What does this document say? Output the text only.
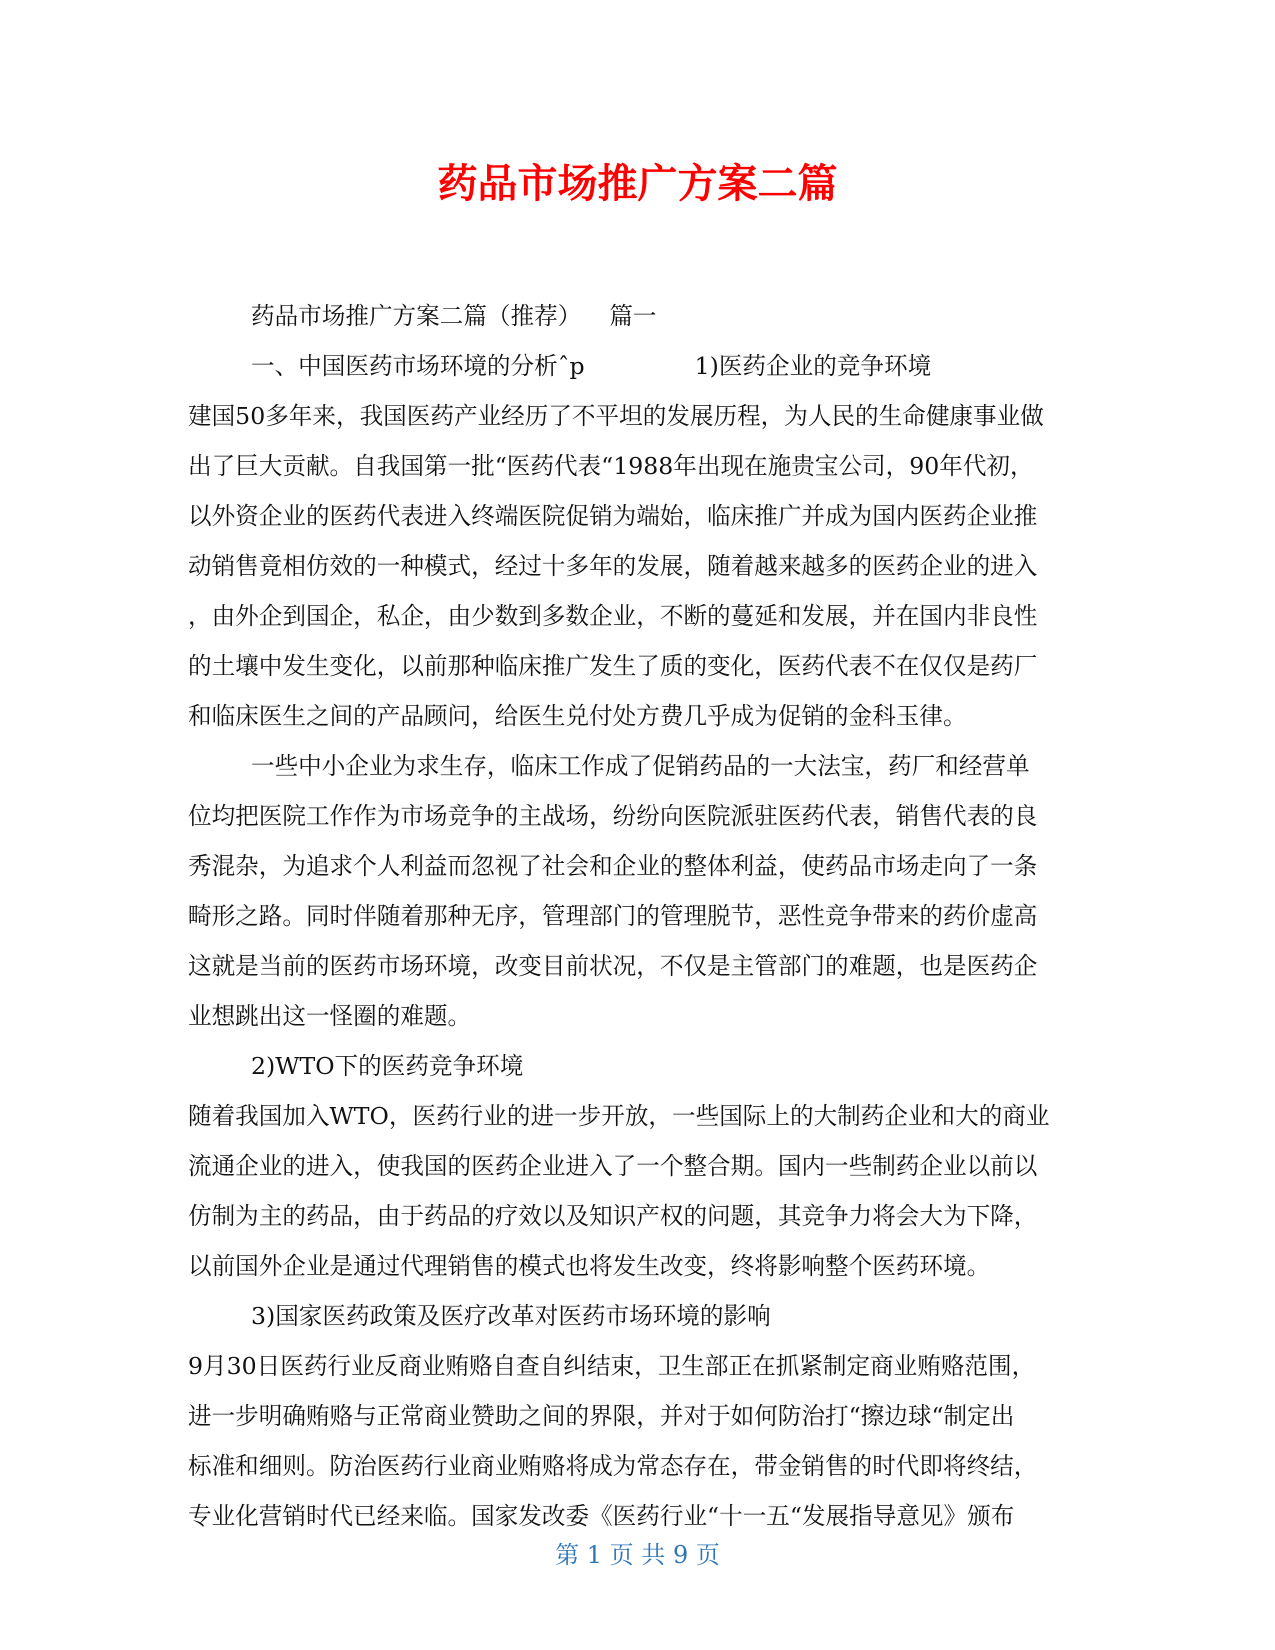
药品市场推广方案二篇
药品市场推广方案二篇（推荐） 篇一
一、中国医药市场环境的分析ˆp	1)医药企业的竞争环境
建国50多年来，我国医药产业经历了不平坦的发展历程，为人民的生命健康事业做
出了巨大贡献。自我国第一批“医药代表“1988年出现在施贵宝公司，90年代初，
以外资企业的医药代表进入终端医院促销为端始，临床推广并成为国内医药企业推
动销售竟相仿效的一种模式，经过十多年的发展，随着越来越多的医药企业的进入
，由外企到国企，私企，由少数到多数企业，不断的蔓延和发展，并在国内非良性
的土壤中发生变化，以前那种临床推广发生了质的变化，医药代表不在仅仅是药厂
和临床医生之间的产品顾问，给医生兑付处方费几乎成为促销的金科玉律。
一些中小企业为求生存，临床工作成了促销药品的一大法宝，药厂和经营单
位均把医院工作作为市场竞争的主战场，纷纷向医院派驻医药代表，销售代表的良
秀混杂，为追求个人利益而忽视了社会和企业的整体利益，使药品市场走向了一条
畸形之路。同时伴随着那种无序，管理部门的管理脱节，恶性竞争带来的药价虚高
这就是当前的医药市场环境，改变目前状况，不仅是主管部门的难题，也是医药企
业想跳出这一怪圈的难题。
2)WTO下的医药竞争环境
随着我国加入WTO，医药行业的进一步开放，一些国际上的大制药企业和大的商业
流通企业的进入，使我国的医药企业进入了一个整合期。国内一些制药企业以前以
仿制为主的药品，由于药品的疗效以及知识产权的问题，其竞争力将会大为下降，
以前国外企业是通过代理销售的模式也将发生改变，终将影响整个医药环境。
3)国家医药政策及医疗改革对医药市场环境的影响
9月30日医药行业反商业贿赂自查自纠结束，卫生部正在抓紧制定商业贿赂范围，
进一步明确贿赂与正常商业赞助之间的界限，并对于如何防治打“擦边球“制定出
标准和细则。防治医药行业商业贿赂将成为常态存在，带金销售的时代即将终结，
专业化营销时代已经来临。国家发改委《医药行业“十一五“发展指导意见》颁布
第 1 页 共 9 页
